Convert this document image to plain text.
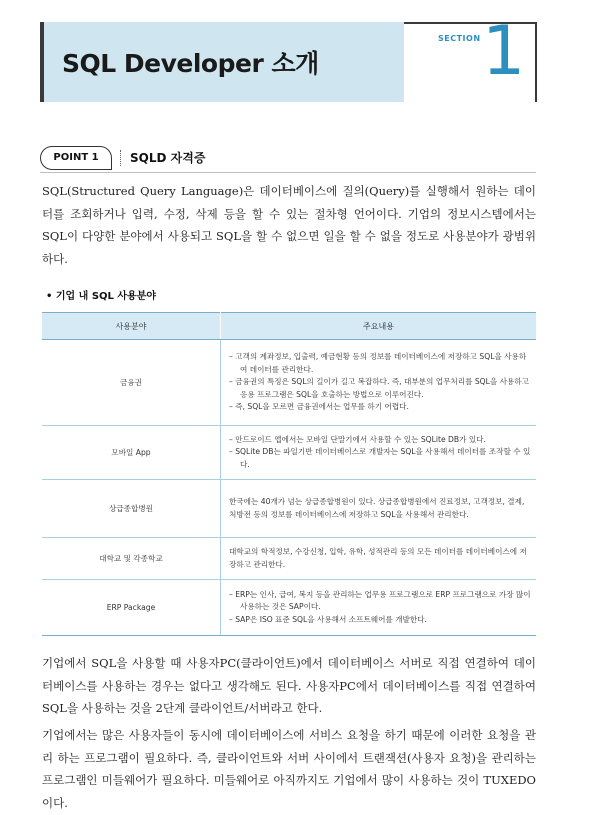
SQL Developer 소개
SECTION 1
POINT 1	SQLD 자격증

SQL(Structured Query Language)은 데이터베이스에 질의(Query)를 실행해서 원하는 데이터를 조회하거나 입력, 수정, 삭제 등을 할 수 있는 절차형 언어이다. 기업의 정보시스템에서는 SQL이 다양한 분야에서 사용되고 SQL을 할 수 없으면 일을 할 수 없을 정도로 사용분야가 광범위하다.

• 기업 내 SQL 사용분야

사용분야	주요내용
금융권	– 고객의 계좌정보, 입출력, 예금현황 등의 정보를 데이터베이스에 저장하고 SQL을 사용하여 데이터를 관리한다.

– 금융권의 특징은 SQL의 길이가 길고 복잡하다. 즉, 대부분의 업무처리를 SQL을 사용하고 응용 프로그램은 SQL을 호출하는 방법으로 이루어진다.

– 즉, SQL을 모르면 금융권에서는 업무를 하기 어렵다.

모바일 App	– 안드로이드 앱에서는 모바일 단말기에서 사용할 수 있는 SQLite DB가 있다.

– SQLite DB는 파일기반 데이터베이스로 개발자는 SQL을 사용해서 데이터를 조작할 수 있다.

상급종합병원	한국에는 40개가 넘는 상급종합병원이 있다. 상급종합병원에서 진료정보, 고객정보, 결제, 처방전 등의 정보를 데이터베이스에 저장하고 SQL을 사용해서 관리한다.

대학교 및 각종학교	대학교의 학적정보, 수강신청, 입학, 유학, 성적관리 등의 모든 데이터를 데이터베이스에 저장하고 관리한다.

ERP Package	– ERP는 인사, 급여, 복지 등을 관리하는 업무용 프로그램으로 ERP 프로그램으로 가장 많이 사용하는 것은 SAP이다.

– SAP은 ISO 표준 SQL을 사용해서 소프트웨어를 개발한다.

기업에서 SQL을 사용할 때 사용자PC(클라이언트)에서 데이터베이스 서버로 직접 연결하여 데이터베이스를 사용하는 경우는 없다고 생각해도 된다. 사용자PC에서 데이터베이스를 직접 연결하여 SQL을 사용하는 것을 2단계 클라이언트/서버라고 한다.

기업에서는 많은 사용자들이 동시에 데이터베이스에 서비스 요청을 하기 때문에 이러한 요청을 관리 하는 프로그램이 필요하다. 즉, 클라이언트와 서버 사이에서 트랜잭션(사용자 요청)을 관리하는 프로그램인 미들웨어가 필요하다. 미들웨어로 아직까지도 기업에서 많이 사용하는 것이 TUXEDO이다.
